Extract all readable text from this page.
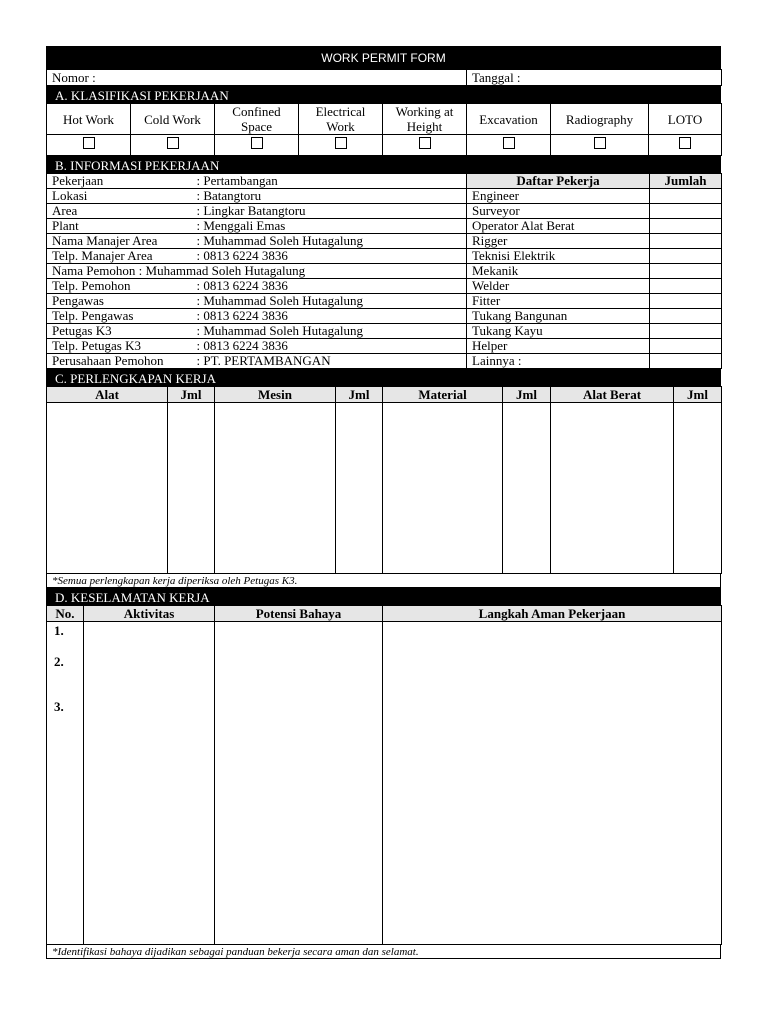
WORK PERMIT FORM
Nomor :	Tanggal :
A. KLASIFIKASI PEKERJAAN
Hot Work	Cold Work	Confined Space	Electrical Work	Working at Height	Excavation	Radiography	LOTO

B. INFORMASI PEKERJAAN
Pekerjaan	: Pertambangan	Daftar Pekerja	Jumlah
Lokasi	: Batangtoru	Engineer	
Area	: Lingkar Batangtoru	Surveyor	
Plant	: Menggali Emas	Operator Alat Berat	
Nama Manajer Area	: Muhammad Soleh Hutagalung	Rigger	
Telp. Manajer Area	: 0813 6224 3836	Teknisi Elektrik	
Nama Pemohon : Muhammad Soleh Hutagalung		Mekanik	
Telp. Pemohon	: 0813 6224 3836	Welder	
Pengawas	: Muhammad Soleh Hutagalung	Fitter	
Telp. Pengawas	: 0813 6224 3836	Tukang Bangunan	
Petugas K3	: Muhammad Soleh Hutagalung	Tukang Kayu	
Telp. Petugas K3	: 0813 6224 3836	Helper	
Perusahaan Pemohon	: PT. PERTAMBANGAN	Lainnya :	
C. PERLENGKAPAN KERJA
Alat	Jml	Mesin	Jml	Material	Jml	Alat Berat	Jml

*Semua perlengkapan kerja diperiksa oleh Petugas K3.
D. KESELAMATAN KERJA
No.	Aktivitas	Potensi Bahaya	Langkah Aman Pekerjaan

1.
2.
3.			

*Identifikasi bahaya dijadikan sebagai panduan bekerja secara aman dan selamat.
